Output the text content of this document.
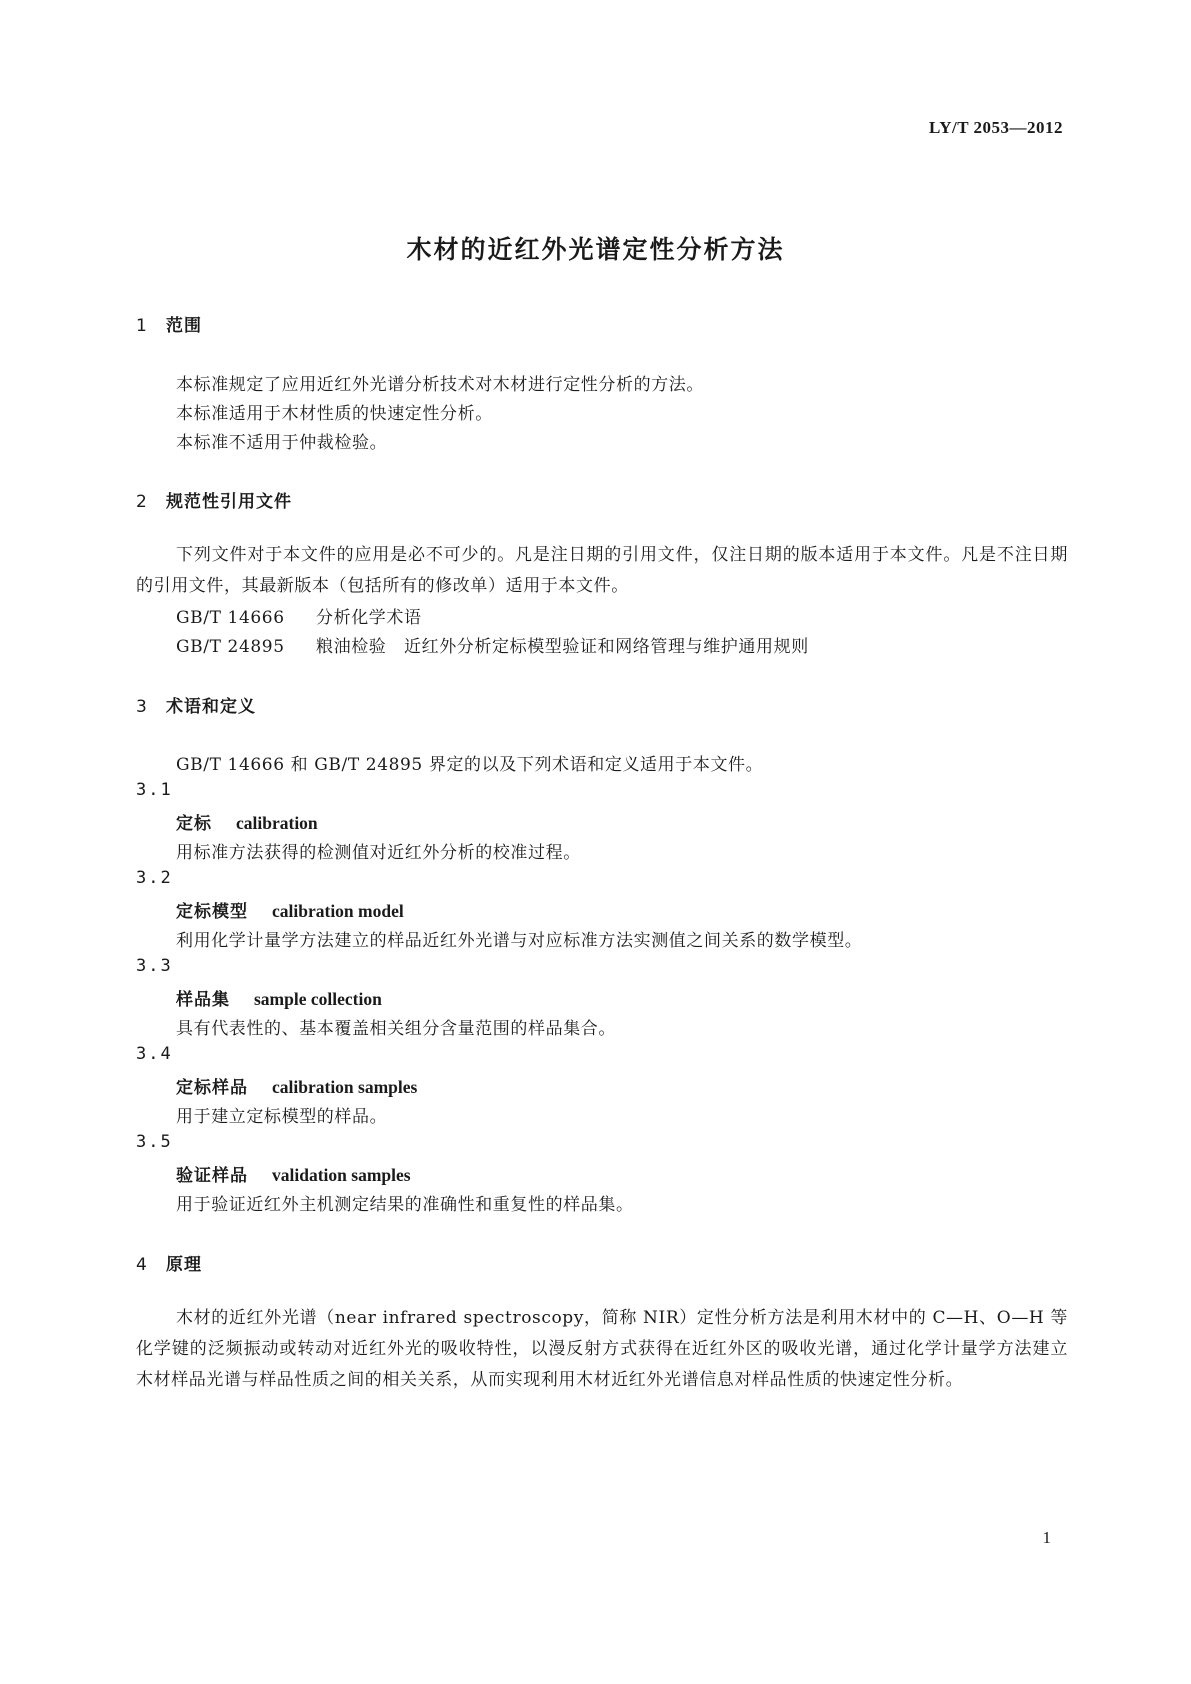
LY/T 2053—2012
木材的近红外光谱定性分析方法
1 范围
本标准规定了应用近红外光谱分析技术对木材进行定性分析的方法。
本标准适用于木材性质的快速定性分析。
本标准不适用于仲裁检验。
2 规范性引用文件

下列文件对于本文件的应用是必不可少的。凡是注日期的引用文件，仅注日期的版本适用于本文件。凡是不注日期的引用文件，其最新版本（包括所有的修改单）适用于本文件。

GB/T 14666 分析化学术语
GB/T 24895 粮油检验　近红外分析定标模型验证和网络管理与维护通用规则
3 术语和定义
GB/T 14666 和 GB/T 24895 界定的以及下列术语和定义适用于本文件。
3.1
定标 calibration
用标准方法获得的检测值对近红外分析的校准过程。
3.2
定标模型 calibration model
利用化学计量学方法建立的样品近红外光谱与对应标准方法实测值之间关系的数学模型。
3.3
样品集 sample collection
具有代表性的、基本覆盖相关组分含量范围的样品集合。
3.4
定标样品 calibration samples
用于建立定标模型的样品。
3.5
验证样品 validation samples
用于验证近红外主机测定结果的准确性和重复性的样品集。
4 原理

木材的近红外光谱（near infrared spectroscopy，简称 NIR）定性分析方法是利用木材中的 C—H、O—H 等化学键的泛频振动或转动对近红外光的吸收特性，以漫反射方式获得在近红外区的吸收光谱，通过化学计量学方法建立木材样品光谱与样品性质之间的相关关系，从而实现利用木材近红外光谱信息对样品性质的快速定性分析。

1
